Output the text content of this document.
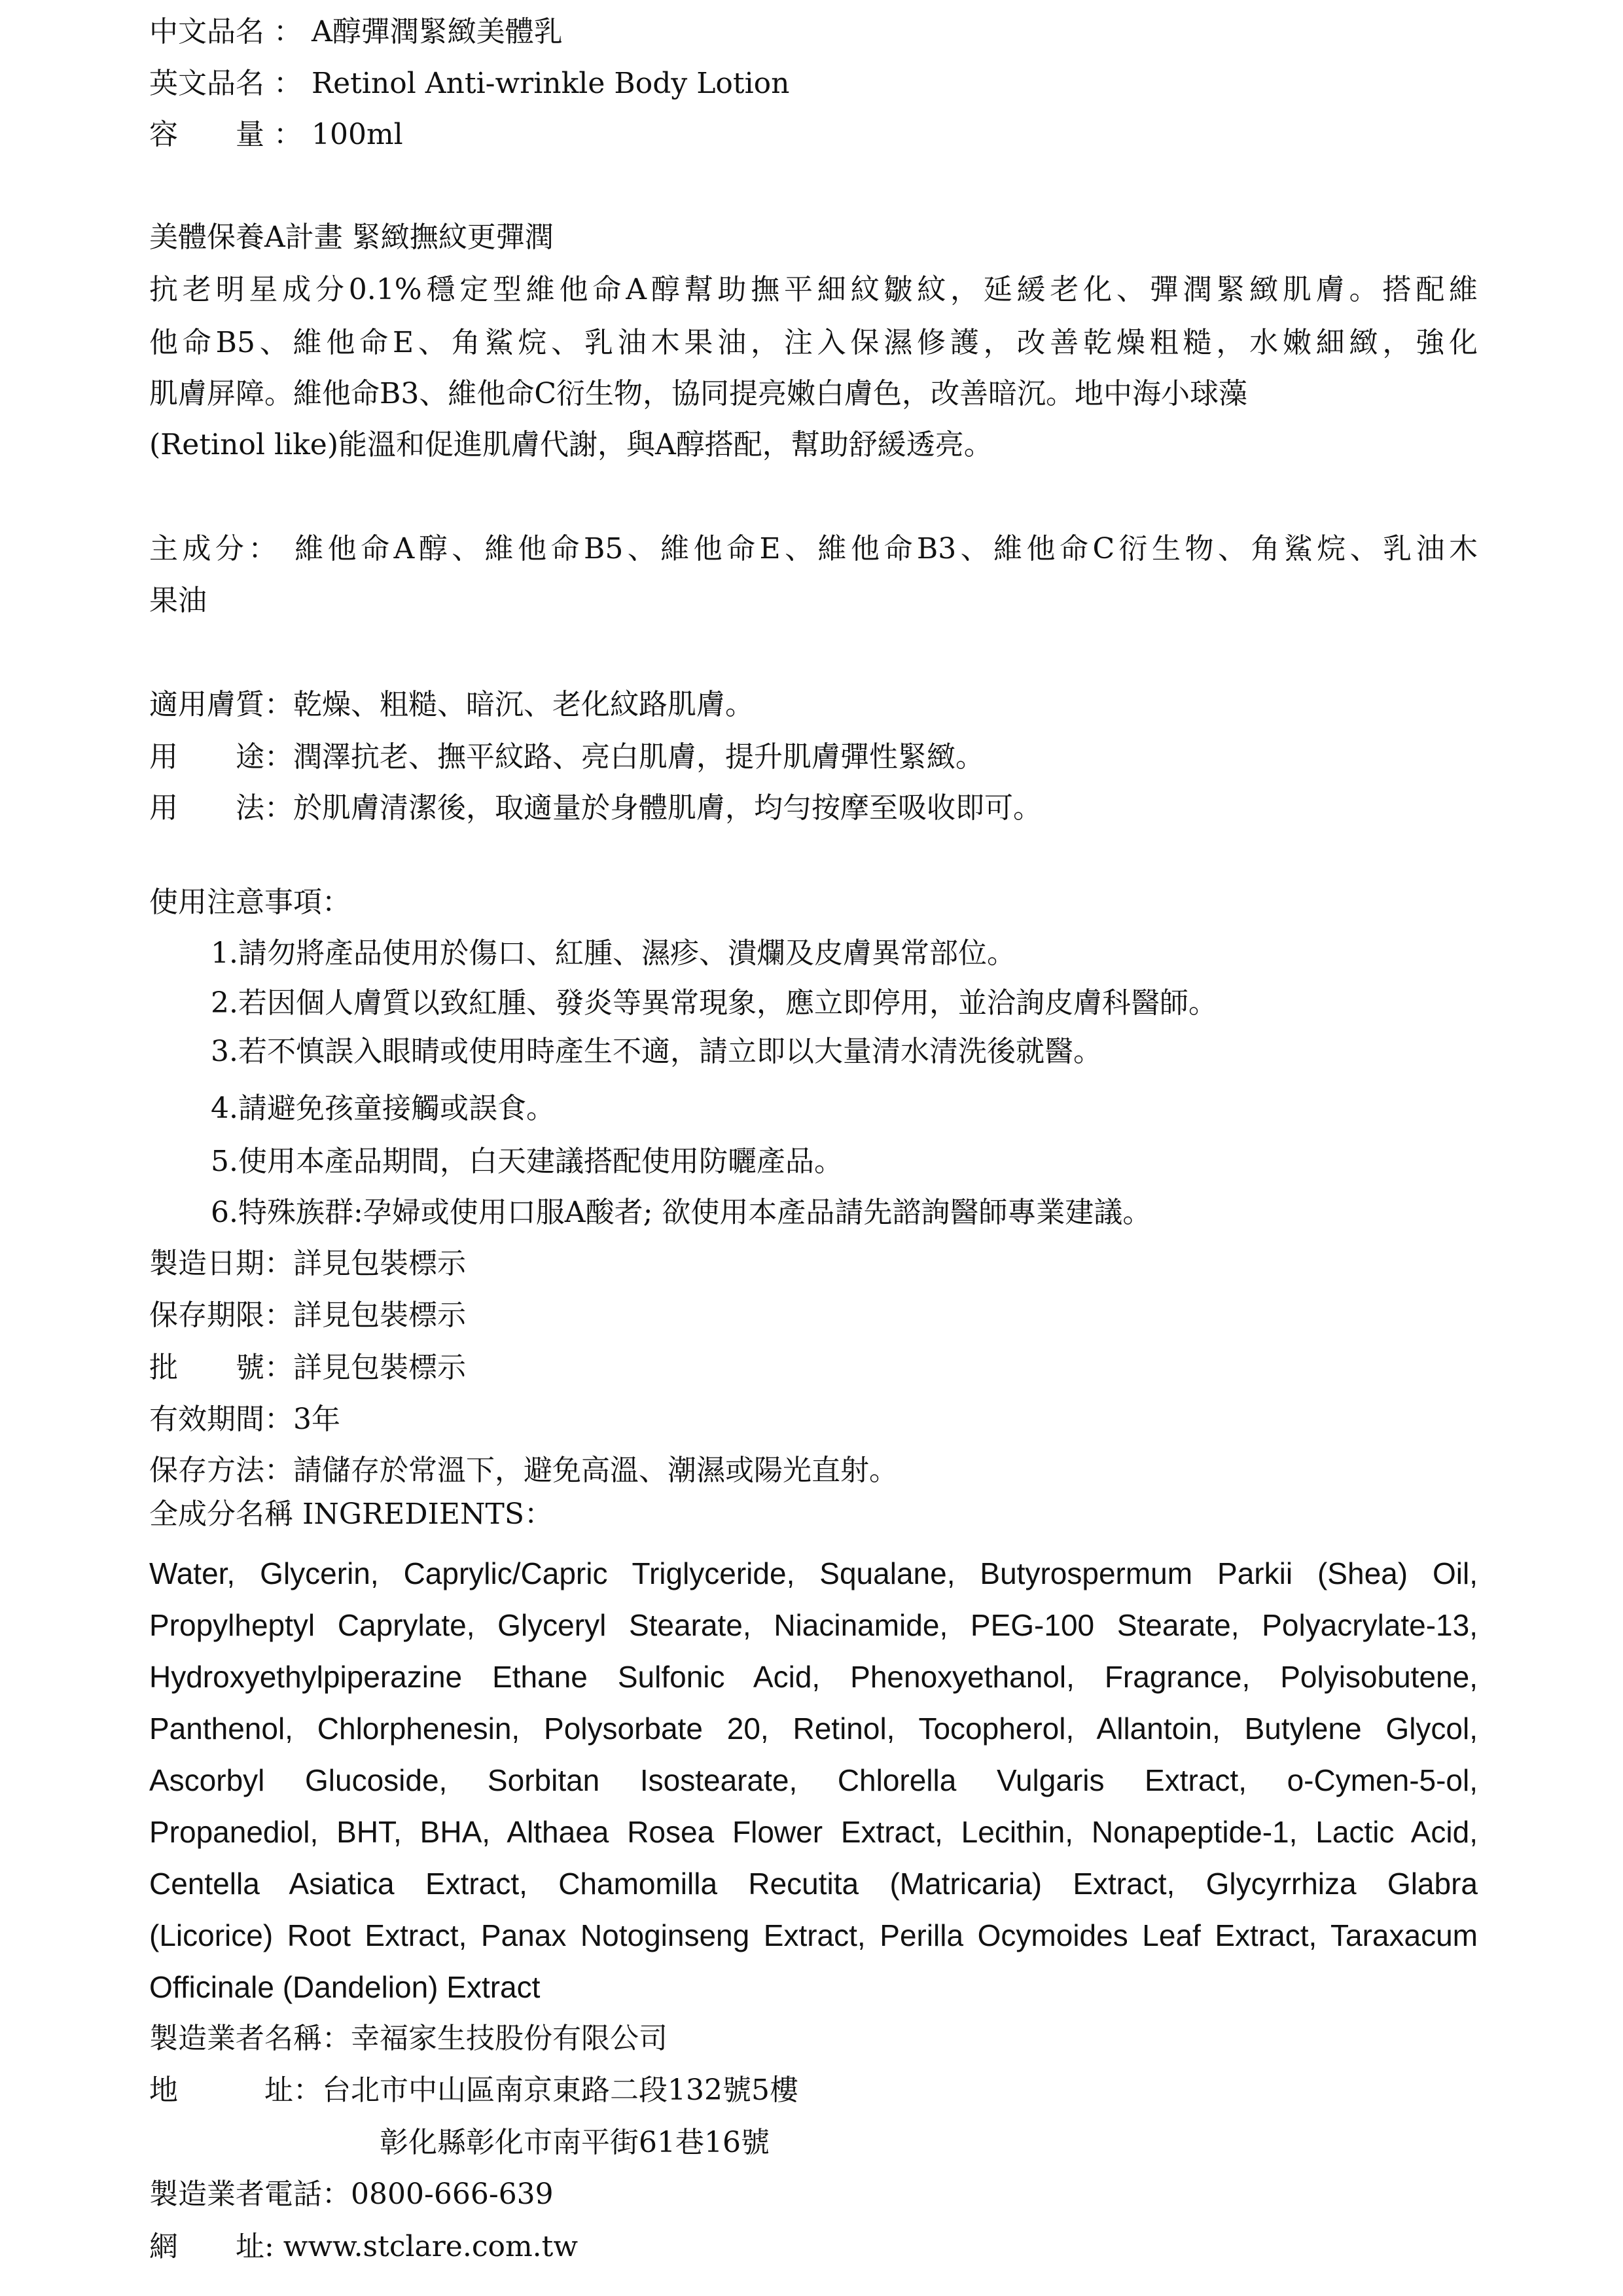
中文品名 ： A醇彈潤緊緻美體乳
英文品名 ： Retinol Anti-wrinkle Body Lotion
容　　量 ： 100ml
美體保養A計畫 緊緻撫紋更彈潤
抗老明星成分0.1%穩定型維他命A醇幫助撫平細紋皺紋，延緩老化、彈潤緊緻肌膚。搭配維
他命B5、維他命E、角鯊烷、乳油木果油，注入保濕修護，改善乾燥粗糙，水嫩細緻，強化
肌膚屏障。維他命B3、維他命C衍生物，協同提亮嫩白膚色，改善暗沉。地中海小球藻
(Retinol like)能溫和促進肌膚代謝，與A醇搭配，幫助舒緩透亮。
主成分： 維他命A醇、維他命B5、維他命E、維他命B3、維他命C衍生物、角鯊烷、乳油木
果油
適用膚質：乾燥、粗糙、暗沉、老化紋路肌膚。
用　　途：潤澤抗老、撫平紋路、亮白肌膚，提升肌膚彈性緊緻。
用　　法：於肌膚清潔後，取適量於身體肌膚，均勻按摩至吸收即可。
使用注意事項：
1.請勿將產品使用於傷口、紅腫、濕疹、潰爛及皮膚異常部位。
2.若因個人膚質以致紅腫、發炎等異常現象，應立即停用，並洽詢皮膚科醫師。
3.若不慎誤入眼睛或使用時產生不適，請立即以大量清水清洗後就醫。
4.請避免孩童接觸或誤食。
5.使用本產品期間，白天建議搭配使用防曬產品。
6.特殊族群:孕婦或使用口服A酸者; 欲使用本產品請先諮詢醫師專業建議。
製造日期：詳見包裝標示
保存期限：詳見包裝標示
批　　號：詳見包裝標示
有效期間：3年
保存方法：請儲存於常溫下，避免高溫、潮濕或陽光直射。
全成分名稱 INGREDIENTS：
Water, Glycerin, Caprylic/Capric Triglyceride, Squalane, Butyrospermum Parkii (Shea) Oil,
Propylheptyl Caprylate, Glyceryl Stearate, Niacinamide, PEG-100 Stearate, Polyacrylate-13,
Hydroxyethylpiperazine Ethane Sulfonic Acid, Phenoxyethanol, Fragrance, Polyisobutene,
Panthenol, Chlorphenesin, Polysorbate 20, Retinol, Tocopherol, Allantoin, Butylene Glycol,
Ascorbyl Glucoside, Sorbitan Isostearate, Chlorella Vulgaris Extract, o-Cymen-5-ol,
Propanediol, BHT, BHA, Althaea Rosea Flower Extract, Lecithin, Nonapeptide-1, Lactic Acid,
Centella Asiatica Extract, Chamomilla Recutita (Matricaria) Extract, Glycyrrhiza Glabra
(Licorice) Root Extract, Panax Notoginseng Extract, Perilla Ocymoides Leaf Extract, Taraxacum
Officinale (Dandelion) Extract
製造業者名稱：幸福家生技股份有限公司
地　　　址：台北市中山區南京東路二段132號5樓
彰化縣彰化市南平街61巷16號
製造業者電話：0800-666-639
網　　址: www.stclare.com.tw
